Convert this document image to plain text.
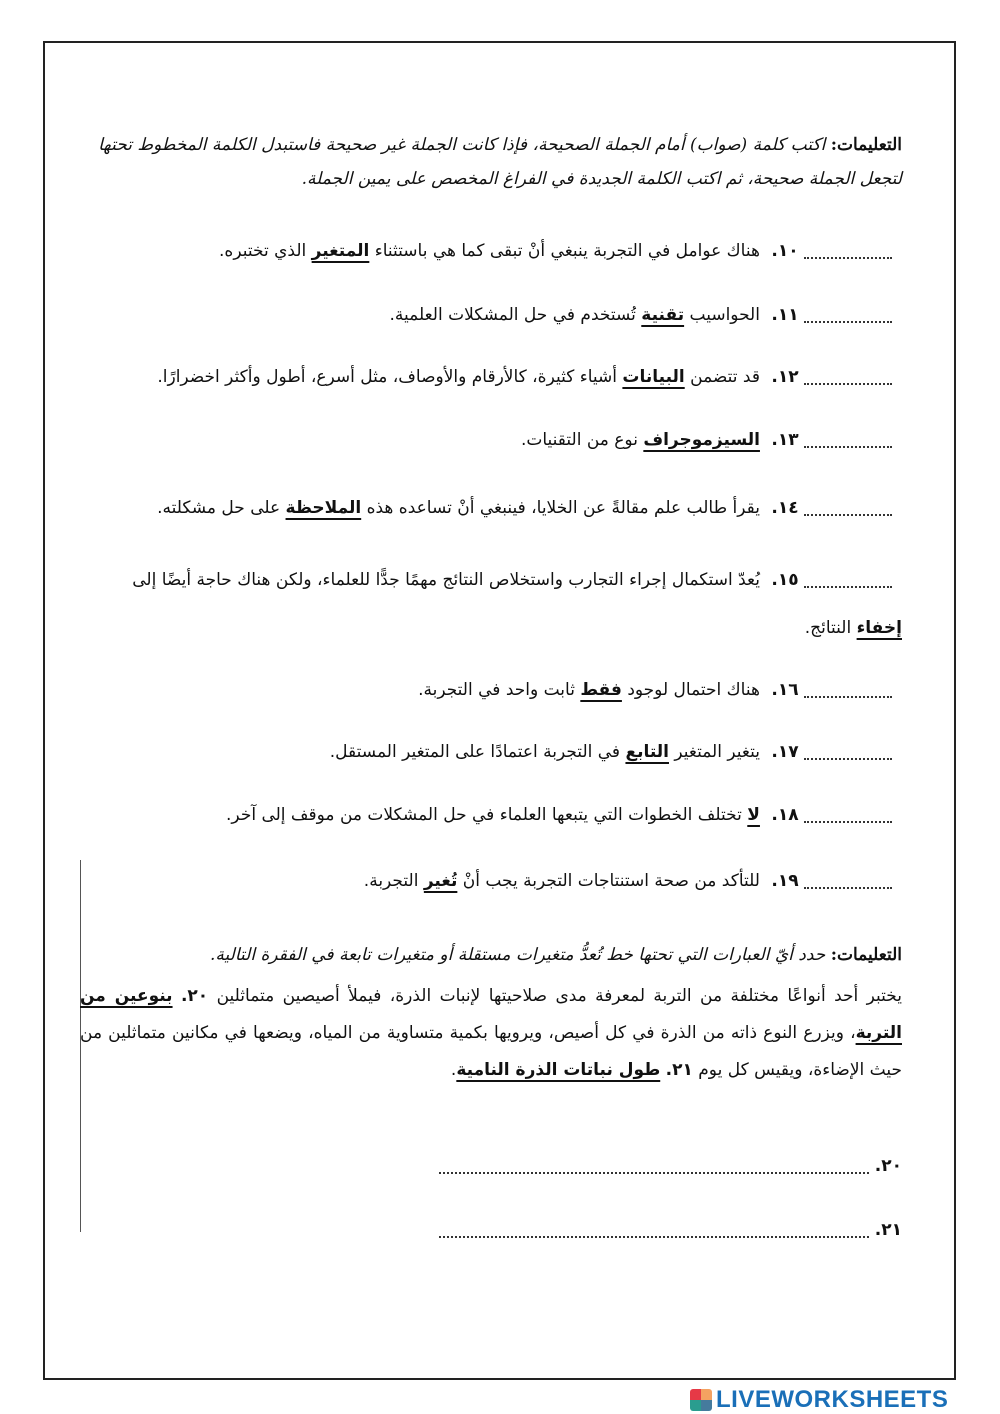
التعليمات: اكتب كلمة (صواب) أمام الجملة الصحيحة، فإذا كانت الجملة غير صحيحة فاستبدل الكلمة المخطوط تحتها لتجعل الجملة صحيحة، ثم اكتب الكلمة الجديدة في الفراغ المخصص على يمين الجملة.
١٠. هناك عوامل في التجربة ينبغي أنْ تبقى كما هي باستثناء المتغير الذي تختبره.
١١. الحواسيب تقنية تُستخدم في حل المشكلات العلمية.
١٢. قد تتضمن البيانات أشياء كثيرة، كالأرقام والأوصاف، مثل أسرع، أطول وأكثر اخضرارًا.
١٣. السيزموجراف نوع من التقنيات.
١٤. يقرأ طالب علم مقالةً عن الخلايا، فينبغي أنْ تساعده هذه الملاحظة على حل مشكلته.
١٥. يُعدّ استكمال إجراء التجارب واستخلاص النتائج مهمًا جدًّا للعلماء، ولكن هناك حاجة أيضًا إلى إخفاء النتائج.
١٦. هناك احتمال لوجود فقط ثابت واحد في التجربة.
١٧. يتغير المتغير التابع في التجربة اعتمادًا على المتغير المستقل.
١٨. لا تختلف الخطوات التي يتبعها العلماء في حل المشكلات من موقف إلى آخر.
١٩. للتأكد من صحة استنتاجات التجربة يجب أنْ تُغير التجربة.
التعليمات: حدد أيّ العبارات التي تحتها خط تُعدُّ متغيرات مستقلة أو متغيرات تابعة في الفقرة التالية.
يختبر أحد أنواعًا مختلفة من التربة لمعرفة مدى صلاحيتها لإنبات الذرة، فيملأ أصيصين متماثلين ٢٠. بنوعين من التربة، ويزرع النوع ذاته من الذرة في كل أصيص، ويرويها بكمية متساوية من المياه، ويضعها في مكانين متماثلين من حيث الإضاءة، ويقيس كل يوم ٢١. طول نباتات الذرة النامية.
٢٠.
٢١.
LIVEWORKSHEETS
